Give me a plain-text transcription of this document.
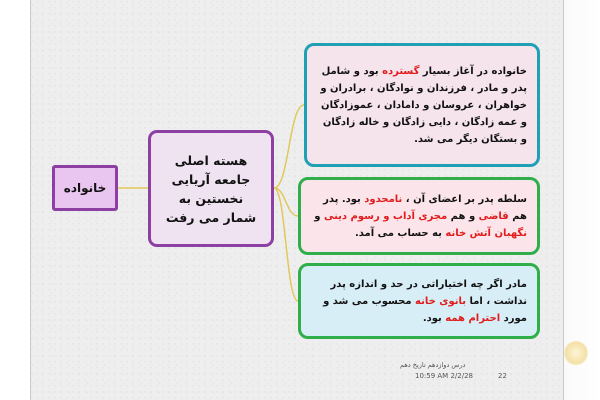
خانواده
هسته اصلی جامعه آریایی نخستین به شمار می رفت
خانواده در آغاز بسیار گسترده بود و شامل پدر و مادر ، فرزندان و نوادگان ، برادران و خواهران ، عروسان و دامادان ، عموزادگان و عمه زادگان ، دایی زادگان و خاله زادگان و بستگان دیگر می شد.
سلطه پدر بر اعضای آن ، نامحدود بود. پدر هم قاضی و هم مجری آداب و رسوم دینی و نگهبان آتش خانه به حساب می آمد.
مادر اگر چه اختیاراتی در حد و اندازه پدر نداشت ، اما بانوی خانه محسوب می شد و مورد احترام همه بود.
درس دوازدهم تاریخ دهم
10:59 AM 2/2/28	22
